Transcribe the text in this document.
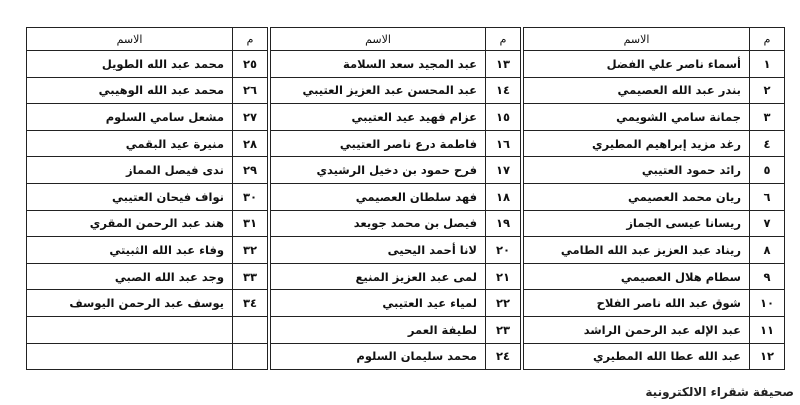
م	الاسم
١	أسماء ناصر علي الفضل
٢	بندر عبد الله العصيمي
٣	جمانة سامي الشويمي
٤	رغد مزيد إبراهيم المطيري
٥	رائد حمود العتيبي
٦	ريان محمد العصيمي
٧	ريسانا عيسى الجماز
٨	ريناد عبد العزيز عبد الله الطامي
٩	سطام هلال العصيمي
١٠	شوق عبد الله ناصر الفلاح
١١	عبد الإله عبد الرحمن الراشد
١٢	عبد الله عطا الله المطيري
م	الاسم
١٣	عبد المجيد سعد السلامة
١٤	عبد المحسن عبد العزيز العتيبي
١٥	عزام فهيد عيد العتيبي
١٦	فاطمة درع ناصر العتيبي
١٧	فرح حمود بن دخيل الرشيدي
١٨	فهد سلطان العصيمي
١٩	فيصل بن محمد جويعد
٢٠	لانا أحمد اليحيى
٢١	لمى عبد العزيز المنيع
٢٢	لمياء عيد العتيبي
٢٣	لطيفة العمر
٢٤	محمد سليمان السلوم
م	الاسم
٢٥	محمد عبد الله الطويل
٢٦	محمد عبد الله الوهيبي
٢٧	مشعل سامي السلوم
٢٨	منيرة عيد البقمي
٢٩	ندى فيصل المماز
٣٠	نواف فيحان العتيبي
٣١	هند عبد الرحمن المقري
٣٢	وفاء عبد الله الثبيتي
٣٣	وجد عبد الله الصبي
٣٤	يوسف عبد الرحمن اليوسف

صحيفة شقراء الالكترونية
